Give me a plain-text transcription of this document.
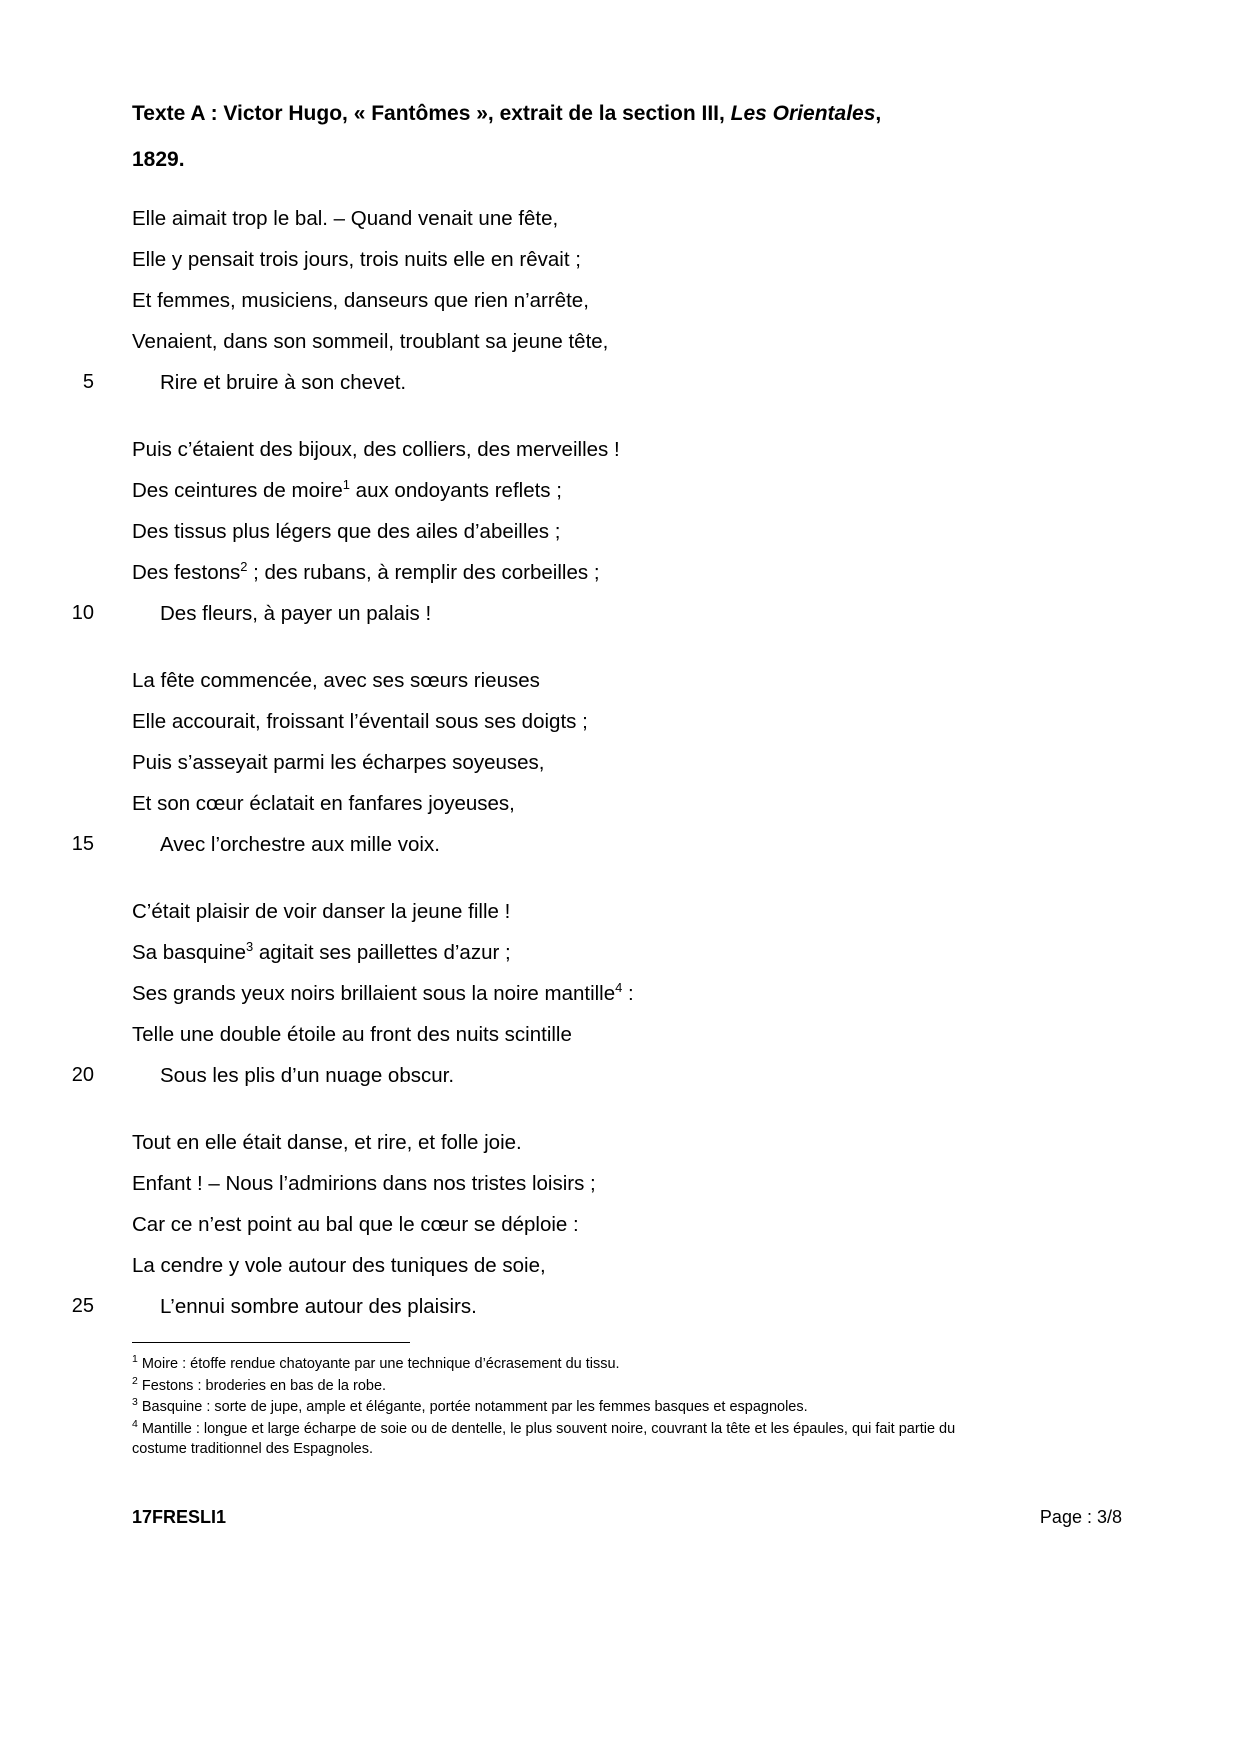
Texte A : Victor Hugo, « Fantômes », extrait de la section III, Les Orientales,
1829.
Elle aimait trop le bal. – Quand venait une fête,
Elle y pensait trois jours, trois nuits elle en rêvait ;
Et femmes, musiciens, danseurs que rien n’arrête,
Venaient, dans son sommeil, troublant sa jeune tête,
5	Rire et bruire à son chevet.
Puis c’étaient des bijoux, des colliers, des merveilles !
Des ceintures de moire$^1$ aux ondoyants reflets ;
Des tissus plus légers que des ailes d’abeilles ;
Des festons$^2$ ; des rubans, à remplir des corbeilles ;
10	Des fleurs, à payer un palais !
La fête commencée, avec ses sœurs rieuses
Elle accourait, froissant l’éventail sous ses doigts ;
Puis s’asseyait parmi les écharpes soyeuses,
Et son cœur éclatait en fanfares joyeuses,
15	Avec l’orchestre aux mille voix.
C’était plaisir de voir danser la jeune fille !
Sa basquine$^3$ agitait ses paillettes d’azur ;
Ses grands yeux noirs brillaient sous la noire mantille$^4$ :
Telle une double étoile au front des nuits scintille
20	Sous les plis d’un nuage obscur.
Tout en elle était danse, et rire, et folle joie.
Enfant ! – Nous l’admirions dans nos tristes loisirs ;
Car ce n’est point au bal que le cœur se déploie :
La cendre y vole autour des tuniques de soie,
25	L’ennui sombre autour des plaisirs.

$^1$ Moire : étoffe rendue chatoyante par une technique d’écrasement du tissu.

$^2$ Festons : broderies en bas de la robe.

$^3$ Basquine : sorte de jupe, ample et élégante, portée notamment par les femmes basques et espagnoles.

$^4$ Mantille : longue et large écharpe de soie ou de dentelle, le plus souvent noire, couvrant la tête et les épaules, qui fait partie du costume traditionnel des Espagnoles.

17FRESLI1	Page : 3/8
